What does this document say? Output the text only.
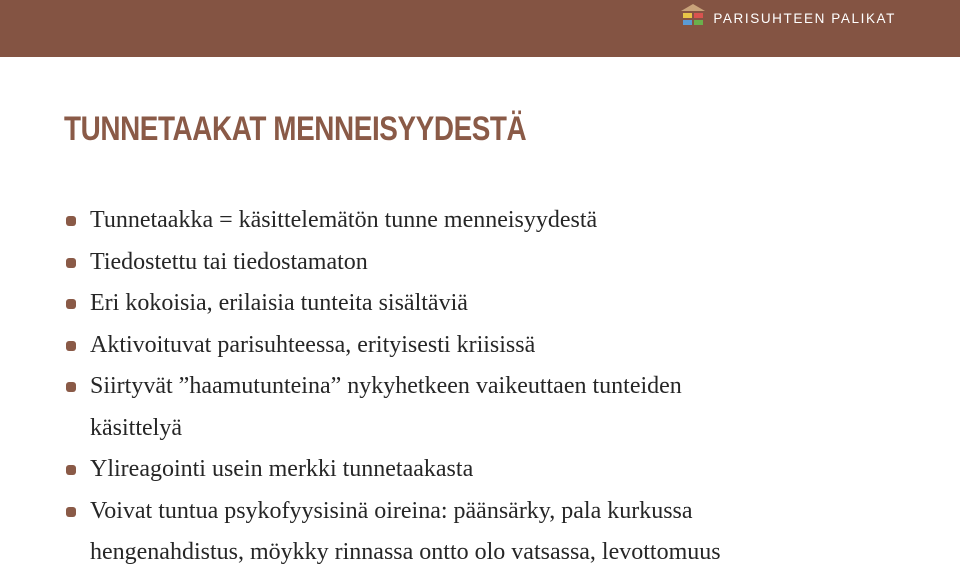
PARISUHTEEN PALIKAT
TUNNETAAKAT MENNEISYYDESTÄ
Tunnetaakka = käsittelemätön tunne menneisyydestä
Tiedostettu tai tiedostamaton
Eri kokoisia, erilaisia tunteita sisältäviä
Aktivoituvat parisuhteessa, erityisesti kriisissä
Siirtyvät ”haamutunteina” nykyhetkeen vaikeuttaen tunteiden
käsittelyä
Ylireagointi usein merkki tunnetaakasta
Voivat tuntua psykofyysisinä oireina: päänsärky, pala kurkussa
hengenahdistus, möykky rinnassa ontto olo vatsassa, levottomuus
